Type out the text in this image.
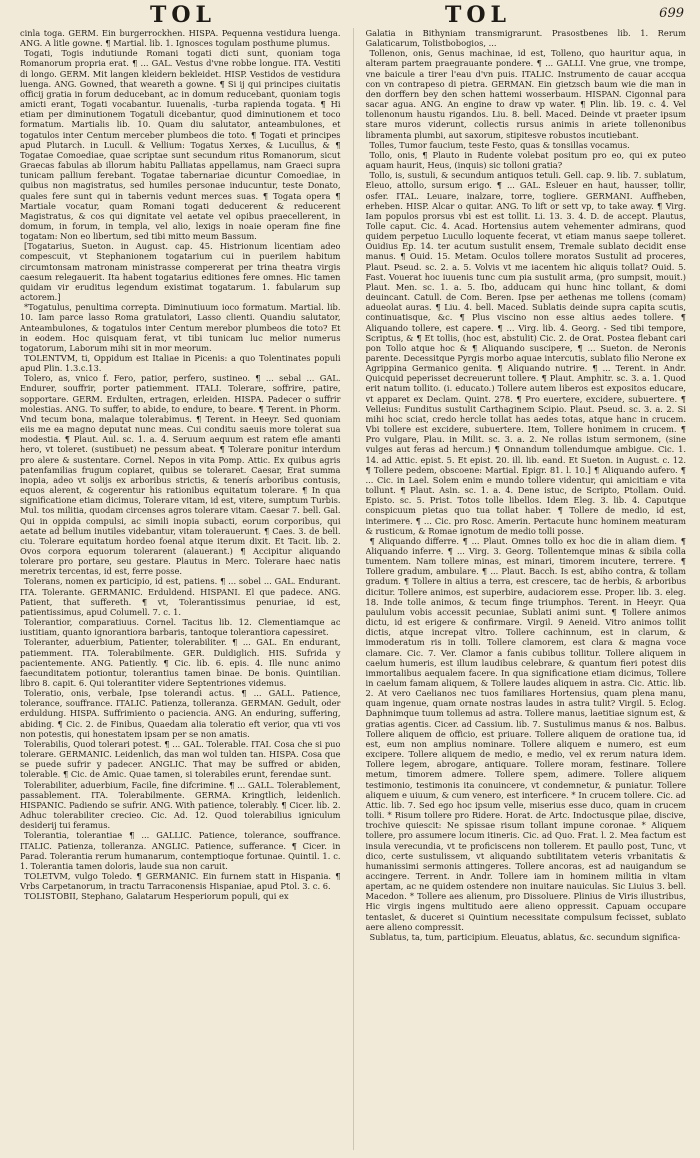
TOL	TOL	699

cinla toga. GERM. Ein burgerrockhen. HISPA. Pequenna vestidura luenga. ANG. A litle gowne. ¶ Martial. lib. 1. Ignosces togulam posthume plumus.

Togati, Togis indutiunde Romani togati dicti sunt, quoniam toga Romanorum propria erat. ¶ ... GAL. Vestus d'vne robbe longue. ITA. Vestiti di longo. GERM. Mit langen kleidern bekleidet. HISP. Vestidos de vestidura luenga. ANG. Gowned, that weareth a gowne. ¶ Si ij qui principes ciuitatis officij gratia in forum deducebant, ac in domum reducebant, quoniam togis amicti erant, Togati vocabantur. Iuuenalis, -turba rapienda togata. ¶ Hi etiam per diminutionem Togatuli dicebantur, quod diminutionem et toco formatum. Martialis lib. 10. Quam diu salutator, anteambulones, et togatulos inter Centum merceber plumbeos die toto. ¶ Togati et principes apud Plutarch. in Lucull. & Vellium: Togatus Xerxes, & Lucullus, & ¶ Togatae Comoediae, quae scriptae sunt secundum ritus Romanorum, sicut Graecas fabulas ab illorum habitu Palliatas appellamus, nam Graeci supra tunicam pallium ferebant. Togatae tabernariae dicuntur Comoediae, in quibus non magistratus, sed humiles personae inducuntur, teste Donato, quales fere sunt qui in tabernis vedunt merces suas. ¶ Togata opera ¶ Martiale vocatur, quam Romani togati deducerent & reducerent Magistratus, & cos qui dignitate vel aetate vel opibus praecellerent, in domum, in forum, in templa, vel alio, lexigs in noaie operam fine fine togatam: Non eo libertum, sed tibi mitto meum Bassum.

[Togatarius, Sueton. in August. cap. 45. Histrionum licentiam adeo compescuit, vt Stephanionem togatarium cui in puerilem habitum circumtonsam matronam ministrasse compererat per trina theatra virgis caesum relegauerit. Ita habent togatarius editiones fere omnes. Hic tamen quidam vir eruditus legendum existimat togatarum. 1. fabularum sup actorem.]

*Togatulus, penultima correpta. Diminutiuum ioco formatum. Martial. lib. 10. Iam parce lasso Roma gratulatori, Lasso clienti. Quandiu salutator, Anteambulones, & togatulos inter Centum merebor plumbeos die toto? Et in eodem. Hoc quisquam ferat, vt tibi tunicam luc melior numerus togatorum, Laborum mihi sit in mor meorum.

TOLENTVM, ti, Oppidum est Italiae in Picenis: a quo Tolentinates populi apud Plin. 1.3.c.13.

Tolero, as, vnico f. Fero, patior, perfero, sustineo. ¶ ... sebal ... GAL. Endurer, souffrir, porter patiemment. ITALI. Tolerare, soffrire, patire, sopportare. GERM. Erdulten, ertragen, erleiden. HISPA. Padecer o suffrir molestias. ANG. To suffer, to abide, to endure, to beare. ¶ Terent. in Phorm. Vnd tecum bona, malaque tolerabimus. ¶ Terent. in Heeyr. Sed quoniam eiis me ea magno deputat nunc meas. Cui conditu saeuis more tolerat sua modestia. ¶ Plaut. Aul. sc. 1. a. 4. Seruum aequum est ratem efle amanti hero, vt toleret. (sustibuet) ne pessum abeat. ¶ Tolerare ponitur interdum pro alere & sustentare. Cornel. Nepos in vita Pomp. Attic. Ex quibus agris patenfamilias frugum copiaret, quibus se toleraret. Caesar, Erat summa inopia, adeo vt solijs ex arboribus strictis, & tenerís arboribus contusis, equos alerent, & cogerentur his rationibus equitatum tolerare. ¶ In qua significatione etiam dicimus, Tolerare vitam, id est, vitere, sumptum Turbis. Mul. tos militia, quodam circenses agros tolerare vitam. Caesar 7. bell. Gal. Qui in oppida compulsi, ac simili inopia subacti, eorum corporibus, qui aetate ad bellum inutiles videbantur, vitam tolerauerunt. ¶ Caes. 3. de bell. ciu. Tolerare equitatum hordeo foenal atque iterum dixit. Et Tacit. lib. 2. Ovos corpora equorum tolerarent (alauerant.) ¶ Accipitur aliquando tolerare pro portare, seu gestare. Plautus in Merc. Tolerare haec natis meretrix tercentas, id est, ferre posse.

Tolerans, nomen ex participio, id est, patiens. ¶ ... sobel ... GAL. Endurant. ITA. Tolerante. GERMANIC. Erduldend. HISPANI. El que padece. ANG. Patient, that suffereth. ¶ vt, Tolerantissimus penuriae, id est, patientissimus, apud Columell. 7. c. 1.

Tolerantior, comparatiuus. Cornel. Tacitus lib. 12. Clementiamque ac iustitiam, quanto ignorantiora barbaris, tantoque tolerantiora capessiret.

Toleranter, aduerbium, Patienter, tolerabiliter. ¶ ... GAL. En endurant, patiemment. ITA. Tolerabilmente. GER. Duldiglich. HIS. Sufrida y pacientemente. ANG. Patiently. ¶ Cic. lib. 6. epis. 4. Ille nunc animo faecunditatem potiontur, tolerantius tamen binae. De bonis. Quintilian. libro 8. capit. 6. Qui tolerantiter videre Septentriones videmus.

Toleratio, onis, verbale, Ipse tolerandi actus. ¶ ... GALL. Patience, tolerance, souffrance. ITALIC. Patienza, tolleranza. GERMAN. Gedult, oder erduldung. HISPA. Suffrimiento o paciencia. ANG. An enduring, suffering, abiding. ¶ Cic. 2. de Finibus, Quaedam alia toleratio eft verior, qua vti vos non potestis, qui honestatem ipsam per se non amatis.

Tolerabilis, Quod tolerari potest. ¶ ... GAL. Tolerable. ITAI. Cosa che si puo tolerare. GERMANIC. Leidenlich, das man wol tulden tan. HISPA. Cosa que se puede sufrir y padecer. ANGLIC. That may be suffred or abiden, tolerable. ¶ Cic. de Amic. Quae tamen, si tolerabiles erunt, ferendae sunt.

Tolerabiliter, aduerbium, Facile, fine difcrimine. ¶ ... GALL. Tolerablement, passablement. ITA. Tolerabilmente. GERMA. Kringtlich, leidenlich. HISPANIC. Padiendo se sufrir. ANG. With patience, tolerably. ¶ Cicer. lib. 2. Adhuc tolerabiliter crecieo. Cic. Ad. 12. Quod tolerabilius igniculum desiderij tui feramus.

Tolerantia, tolerantiae ¶ ... GALLIC. Patience, tolerance, souffrance. ITALIC. Patienza, tolleranza. ANGLIC. Patience, sufferance. ¶ Cicer. in Parad. Tolerantia rerum humanarum, contemptioque fortunae. Quintil. 1. c. 1. Tolerantia tamen doloris, laude sua non caruit.

TOLETVM, vulgo Toledo. ¶ GERMANIC. Ein furnem statt in Hispania. ¶ Vrbs Carpetanorum, in tractu Tarraconensis Hispaniae, apud Ptol. 3. c. 6.

TOLISTOBII, Stephano, Galatarum Hesperiorum populi, qui ex

Galatia in Bithyniam transmigrarunt. Prasostbenes lib. 1. Rerum Galaticarum, Tolistbobogios, ...

Tollenon, onis, Genus machinae, id est, Tolleno, quo hauritur aqua, in alteram partem praegrauante pondere. ¶ ... GALLI. Vne grue, vne trompe, vne baicule a tirer l'eau d'vn puis. ITALIC. Instrumento de cauar accqua con vn contrapeso di pietra. GERMAN. Ein gietzsch baum wie die man in den dorffern bey den schen hattemi wosserbaum. HISPAN. Cigonnal para sacar agua. ANG. An engine to draw vp water. ¶ Plin. lib. 19. c. 4. Vel tollenonum haustu rigandos. Liu. 8. bell. Maced. Deinde vt praeter ipsum stare muros viderunt, collectis rursus animis in ariete tollenonibus libramenta plumbi, aut saxorum, stipitesve robustos incutiebant.

Tolles, Tumor faucium, teste Festo, quas & tonsillas vocamus.

Tollo, onis, ¶ Plauto in Rudente volebat positum pro eo, qui ex puteo aquam haurit, Heus, (inquis) sic tolloni gratia?

Tollo, is, sustuli, & secundum antiquos tetuli. Gell. cap. 9. lib. 7. sublatum, Eleuo, attollo, sursum erigo. ¶ ... GAL. Esleuer en haut, hausser, tollir, osfer. ITAL. Leuare, inalzare, torre, togliere. GERMANI. Auffheben, erheben. HISP. Alcar o quitar. ANG. To lift or sett vp, to take away. ¶ Virg. Iam populos prorsus vbi est est tollit. Li. 13. 3. 4. D. de accept. Plautus, Tolle caput. Cic. 4. Acad. Hortensius autem vehementer admirans, quod quidem perpetuo Lucullo loquente fecerat, vt etiam manus saepe tolleret. Ouidius Ep. 14. ter acutum sustulit ensem, Tremale sublato decidit ense manus. ¶ Ouid. 15. Metam. Oculos tollere moratos Sustulit ad proceres, Plaut. Pseud. sc. 2. a. 5. Volvis vt me iacentem hic aliquis tollat? Ouid. 5. Fast. Vouerat hoc iuuenis tunc cum pia sustulit arma, (pro sumpsit, mouit.) Plaut. Men. sc. 1. a. 5. Ibo, adducam qui hunc hinc tollant, & domi deuincant. Catull. de Com. Beren. Ipse per aethenas me tollens (comam) adueolat auras. ¶ Liu. 4. bell. Maced. Sublatis deinde supra capita scutis, continuatisque, &c. ¶ Plus viscino non esse altius aedes tollere. ¶ Aliquando tollere, est capere. ¶ ... Virg. lib. 4. Georg. - Sed tibi tempore, Scriptus, & ¶ Et tollis, (hoc est, abstulit) Cic. 2. de Orat. Postea flebant cari pon Tollo atque hoc & ¶ Aliquando suscipere, ¶ ... Sueton. de Neronis parente. Decessitque Pyrgis morbo aquae intercutis, sublato filio Nerone ex Agrippina Germanico genita. ¶ Aliquando nutrire. ¶ ... Terent. in Andr. Quicquid peperisset decreuerunt tollere. ¶ Plaut. Amphitr. sc. 3. a. 1. Quod erit natum tollito. (i. educato.) Tollere autem liberos est expositos educare, vt apparet ex Declam. Quint. 278. ¶ Pro euertere, excidere, subuertere. ¶ Velleius: Funditus sustulit Carthaginem Scipio. Plaut. Pseud. sc. 3. a. 2. Si mihi hoc sciat, credo hercle tollat has aedes totas, atque hanc in crucem. Vbi tollere est excidere, subuertere. Item, Tollere honimem in crucem. ¶ Pro vulgare, Plau. in Milit. sc. 3. a. 2. Ne rollas istum sermonem, (sine vulges aut feras ad hercum.) ¶ Onnandum tollendumque ambigue. Cic. 1. 14. ad Attic. epist. 5. Et epist. 20. ill. lib. eand. Et Sueton. in August. c. 12. ¶ Tollere pedem, obscoene: Martial. Epigr. 81. l. 10.] ¶ Aliquando aufero. ¶ ... Cic. in Lael. Solem enim e mundo tollere videntur, qui amicitiam e vita tollunt. ¶ Plaut. Asin. sc. 1. a. 4. Dene istuc, de Scripto, Ptollam. Ouid. Episto. sc. 5. Prist. Totos tolle libellos. Idem Eleg. 3. lib. 4. Caputque conspicuum pietas quo tua tollat haber. ¶ Tollere de medio, id est, interimere. ¶ ... Cic. pro Rosc. Amerin. Pertacute hunc hominem meaturam & rusticum, & Romae ignotum de medio tolli posse.

¶ Aliquando differre. ¶ ... Plaut. Omnes tollo ex hoc die in aliam diem. ¶ Aliquando inferre. ¶ ... Virg. 3. Georg. Tollentemque minas & sibila colla tumentem. Nam tollere minas, est minari, timorem incutere, terrere. ¶ Tollere gradum, ambulare. ¶ ... Plaut. Bacch. Is est, abiho contra, & tollam gradum. ¶ Tollere in altius a terra, est crescere, tac de herbis, & arboribus dicitur. Tollere animos, est superbire, audaciorem esse. Proper. lib. 3. eleg. 18. Inde tolle animos, & tecum finge triumphos. Terent. in Heeyr. Qua paululum vobis accessit pecuniae, Sublati animi sunt. ¶ Tollere animos dictu, id est erigere & confirmare. Virgil. 9 Aeneid. Vitro animos tollit dictis, atque increpat vltro. Tollere cachinnum, est in clarum, & immoderatum ris in tolli. Tollere clamorem, est clara & magna voce clamare. Cic. 7. Ver. Clamor a fanis cubibus tollitur. Tollere aliquem in caelum humeris, est illum laudibus celebrare, & quantum fieri potest diis immortalibus aequalem facere. In qua significatione etiam dicimus, Tollere in caelum famam aliquem, & Tollere laudes aliquem in astra. Cic. Attic. lib. 2. At vero Caelianos nec tuos familiares Hortensius, quam plena manu, quam ingenue, quam ornate nostras laudes in astra tulit? Virgil. 5. Eclog. Daphnimque tuum tollemus ad astra. Tollere manus, laetitiae signum est, & gratias agentis. Cicer. ad Cassium. lib. 7. Sustulimus manus & nos. Balbus. Tollere aliquem de officio, est priuare. Tollere aliquem de oratione tua, id est, eum non amplius nominare. Tollere aliquem e numero, est eum excipere. Tollere aliquem de medio, e medio, vel ex rerum natura idem. Tollere legem, abrogare, antiquare. Tollere moram, festinare. Tollere metum, timorem admere. Tollere spem, adimere. Tollere aliquem testimonio, testimonis ita conuincere, vt condemnetur, & puniatur. Tollere aliquem e uiuum, & cum venero, est interficere. * In crucem tollere. Cic. ad Attic. lib. 7. Sed ego hoc ipsum velle, miserius esse duco, quam in crucem tolli. * Risum tollere pro Ridere. Horat. de Artc. Indoctusque pilae, discive, trochive quiescit: Ne spissae risum tollant impune coronae. * Aliquem tollere, pro assumere locum itineris. Cic. ad Quo. Frat. l. 2. Mea factum est insula verecundia, vt te proficiscens non tollerem. Et paullo post, Tunc, vt dico, certe sustulissem, vt aliquando subtilitatem veteris vrbanitatis & humanissimi sermonis attingeres. Tollere ancoras, est ad nauigandum se accingere. Terrent. in Andr. Tollere iam in hominem militia in vltam apertam, ac ne quidem ostendere non inuitare nauiculas. Sic Liuius 3. bell. Macedon. * Tollere aes alienum, pro Dissoluere. Plinius de Viris illustribus, Hic virgis ingens multitudo aere alieno oppressit. Capuam occupare tentaslet, & duceret si Quintium necessitate compulsum fecisset, sublato aere alieno compressit.

Sublatus, ta, tum, participium. Eleuatus, ablatus, &c. secundum significa-
